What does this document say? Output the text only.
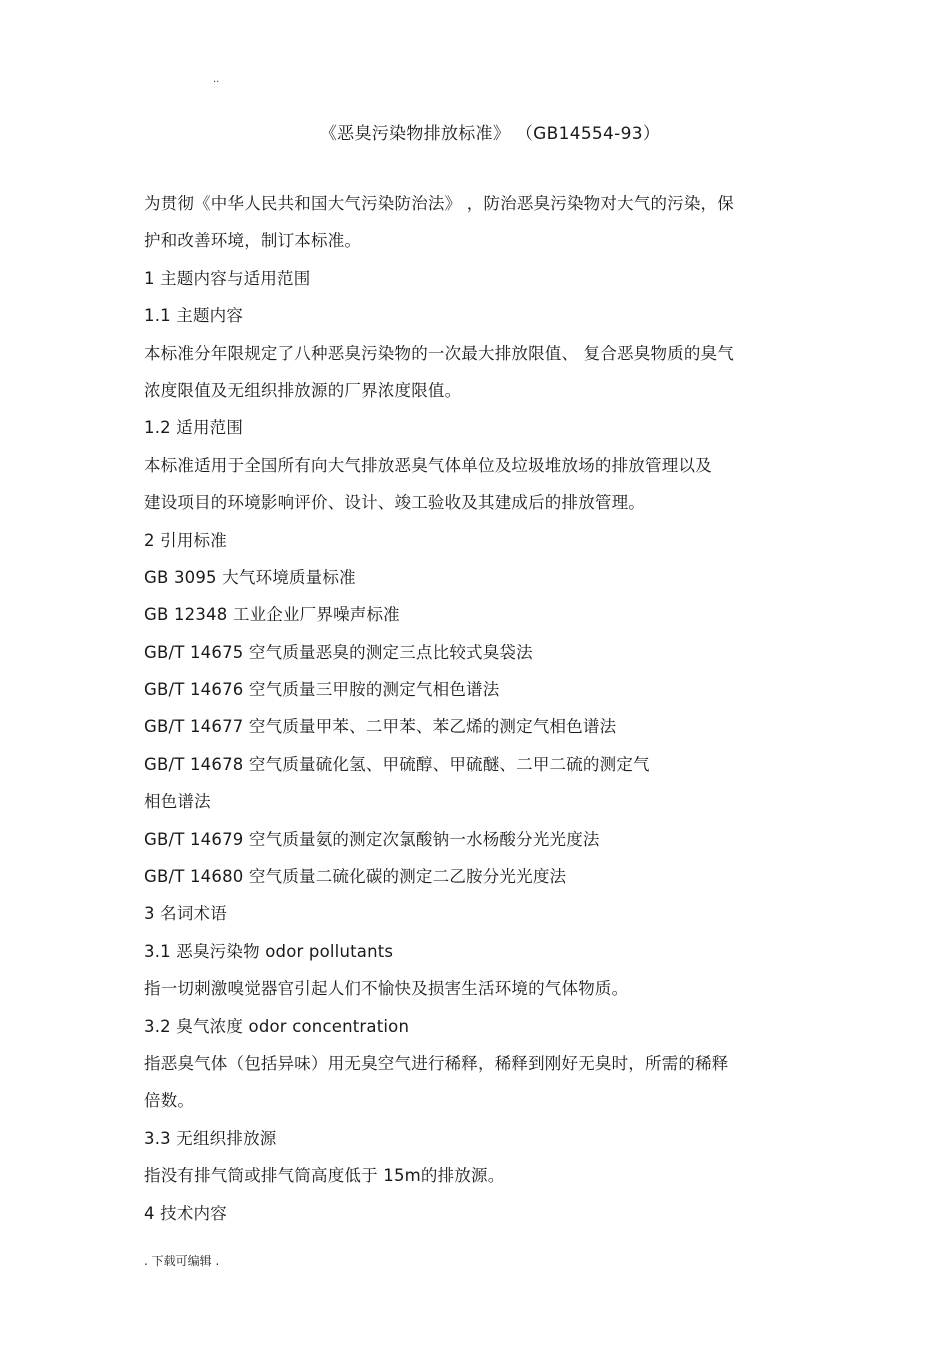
..
《恶臭污染物排放标准》 （GB14554-93）
为贯彻《中华人民共和国大气污染防治法》 ，防治恶臭污染物对大气的污染，保
护和改善环境，制订本标准。
1 主题内容与适用范围
1.1 主题内容
本标准分年限规定了八种恶臭污染物的一次最大排放限值、 复合恶臭物质的臭气
浓度限值及无组织排放源的厂界浓度限值。
1.2 适用范围
本标准适用于全国所有向大气排放恶臭气体单位及垃圾堆放场的排放管理以及
建设项目的环境影响评价、设计、竣工验收及其建成后的排放管理。
2 引用标准
GB 3095 大气环境质量标准
GB 12348 工业企业厂界噪声标准
GB/T 14675 空气质量恶臭的测定三点比较式臭袋法
GB/T 14676 空气质量三甲胺的测定气相色谱法
GB/T 14677 空气质量甲苯、二甲苯、苯乙烯的测定气相色谱法
GB/T 14678 空气质量硫化氢、甲硫醇、甲硫醚、二甲二硫的测定气
相色谱法
GB/T 14679 空气质量氨的测定次氯酸钠一水杨酸分光光度法
GB/T 14680 空气质量二硫化碳的测定二乙胺分光光度法
3 名词术语
3.1 恶臭污染物 odor pollutants
指一切刺激嗅觉器官引起人们不愉快及损害生活环境的气体物质。
3.2 臭气浓度 odor concentration
指恶臭气体（包括异味）用无臭空气进行稀释，稀释到刚好无臭时，所需的稀释
倍数。
3.3 无组织排放源
指没有排气筒或排气筒高度低于 15m的排放源。
4 技术内容
. 下载可编辑 .
